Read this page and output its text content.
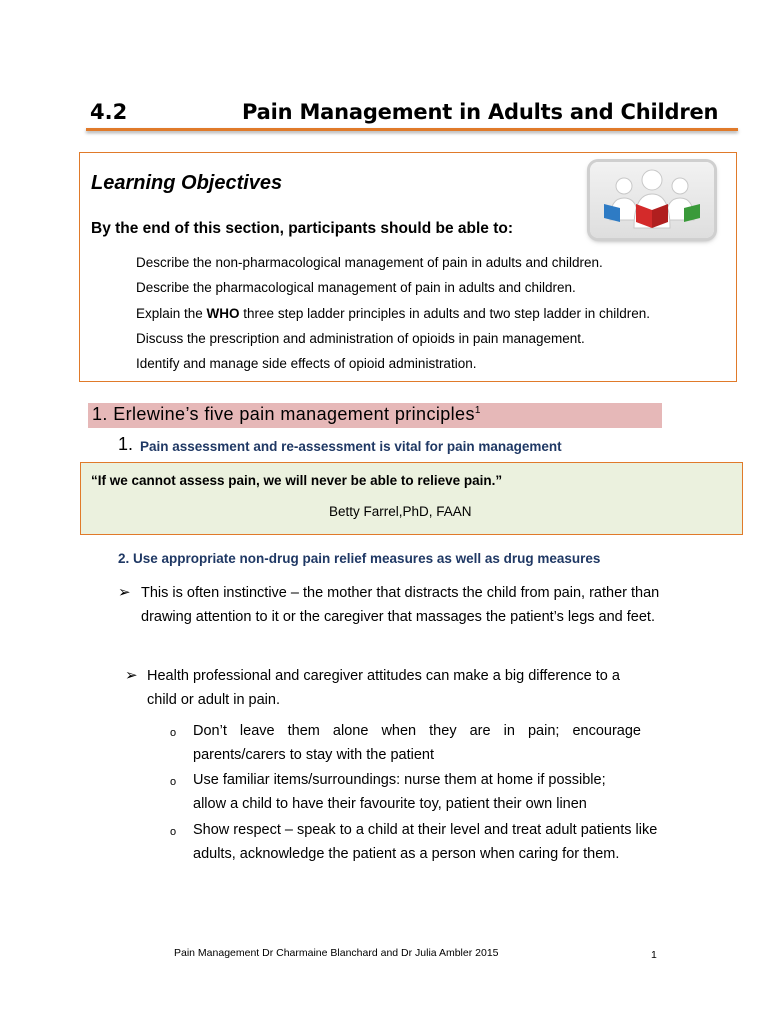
4.2	Pain Management in Adults and Children
Learning Objectives
By the end of this section, participants should be able to:
Describe the non-pharmacological management of pain in adults and children.
Describe the pharmacological management of pain in adults and children.
Explain the WHO three step ladder principles in adults and two step ladder in children.
Discuss the prescription and administration of opioids in pain management.
Identify and manage side effects of opioid administration.
1. Erlewine’s five pain management principles$^1$
1. Pain assessment and re-assessment is vital for pain management
“If we cannot assess pain, we will never be able to relieve pain.”
Betty Farrel,PhD, FAAN
2. Use appropriate non-drug pain relief measures as well as drug measures
➢ This is often instinctive – the mother that distracts the child from pain, rather than drawing attention to it or the caregiver that massages the patient’s legs and feet.
➢ Health professional and caregiver attitudes can make a big difference to a child or adult in pain.
o Don’t leave them alone when they are in pain; encourage parents/carers to stay with the patient
o Use familiar items/surroundings: nurse them at home if possible; allow a child to have their favourite toy, patient their own linen
o Show respect – speak to a child at their level and treat adult patients like adults, acknowledge the patient as a person when caring for them.
Pain Management Dr Charmaine Blanchard and Dr Julia Ambler 2015	1
